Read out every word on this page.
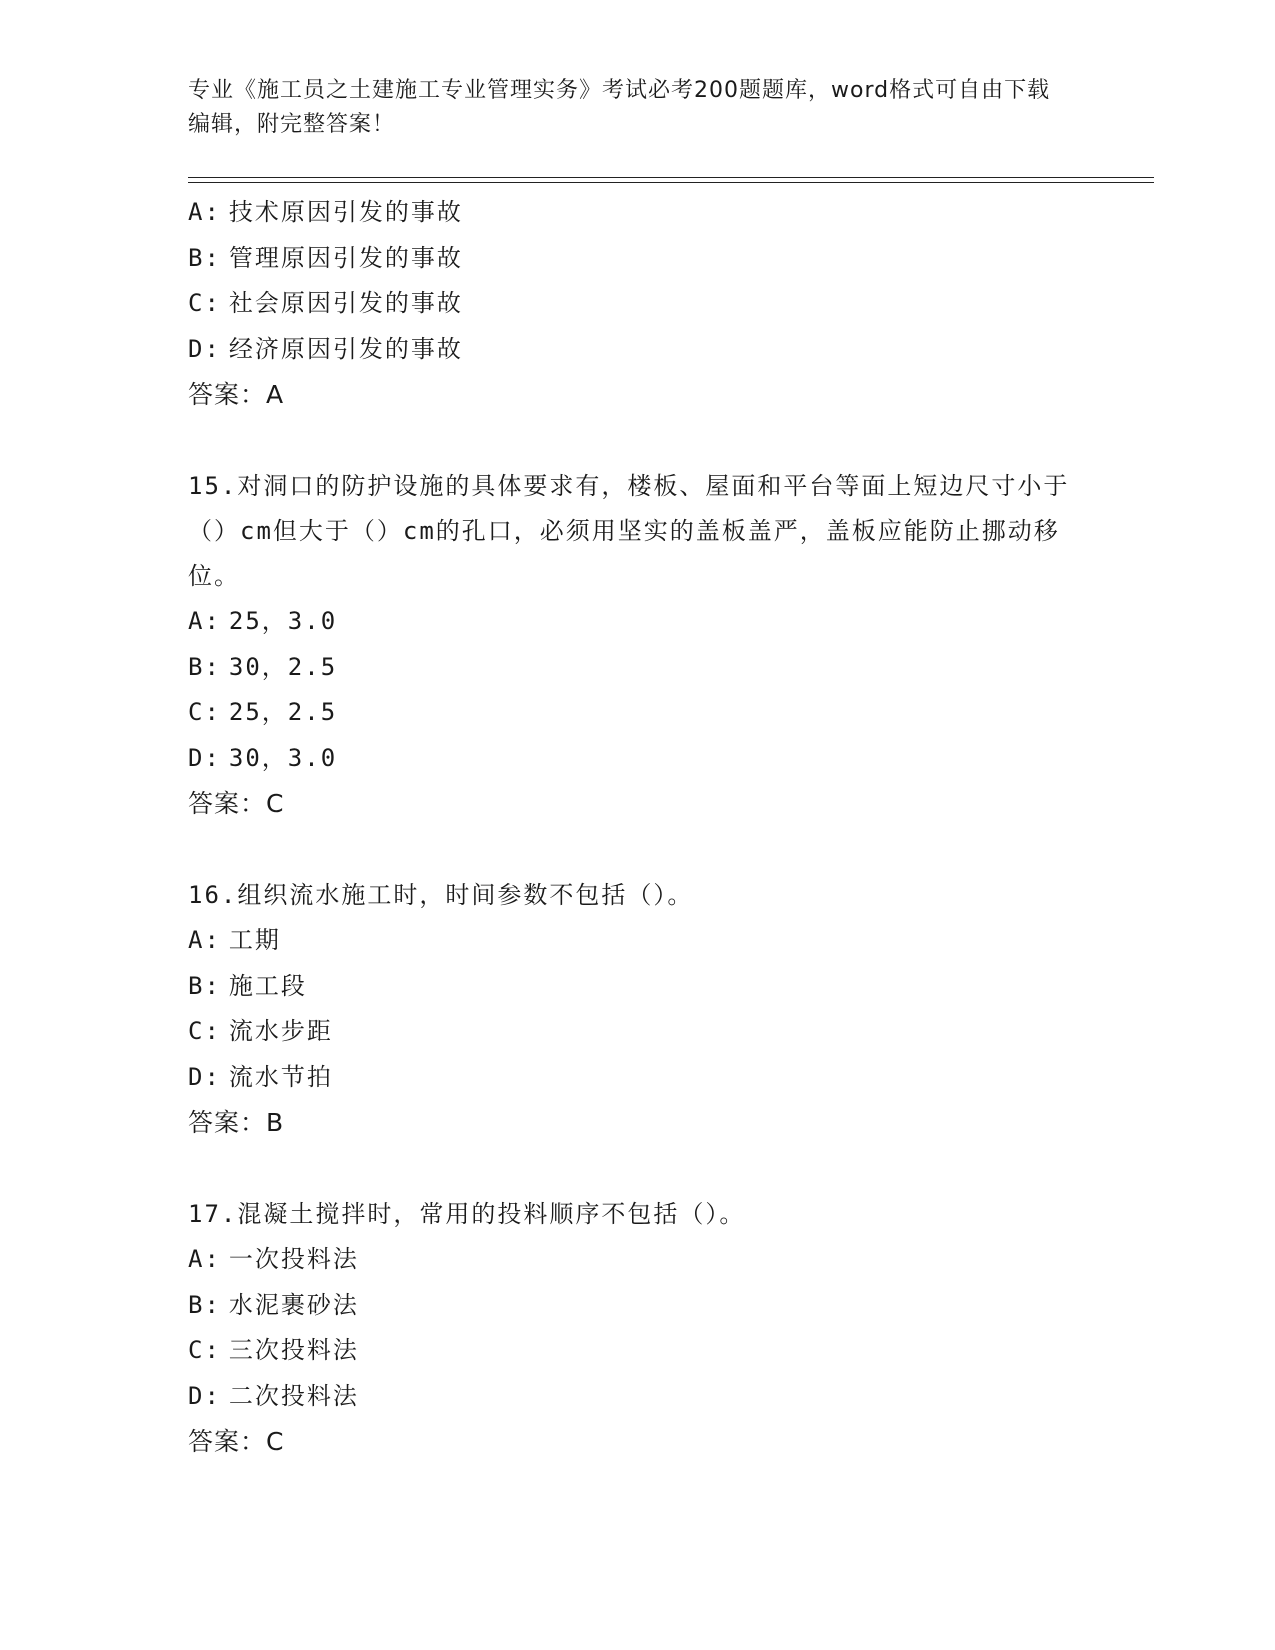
专业《施工员之土建施工专业管理实务》考试必考200题题库，word格式可自由下载编辑，附完整答案！
A: 技术原因引发的事故
B: 管理原因引发的事故
C: 社会原因引发的事故
D: 经济原因引发的事故
答案：A

15.对洞口的防护设施的具体要求有，楼板、屋面和平台等面上短边尺寸小于（）cm但大于（）cm的孔口，必须用坚实的盖板盖严，盖板应能防止挪动移位。

A: 25，3.0
B: 30，2.5
C: 25，2.5
D: 30，3.0
答案：C

16.组织流水施工时，时间参数不包括（）。

A: 工期
B: 施工段
C: 流水步距
D: 流水节拍
答案：B

17.混凝土搅拌时，常用的投料顺序不包括（）。

A: 一次投料法
B: 水泥裹砂法
C: 三次投料法
D: 二次投料法
答案：C
